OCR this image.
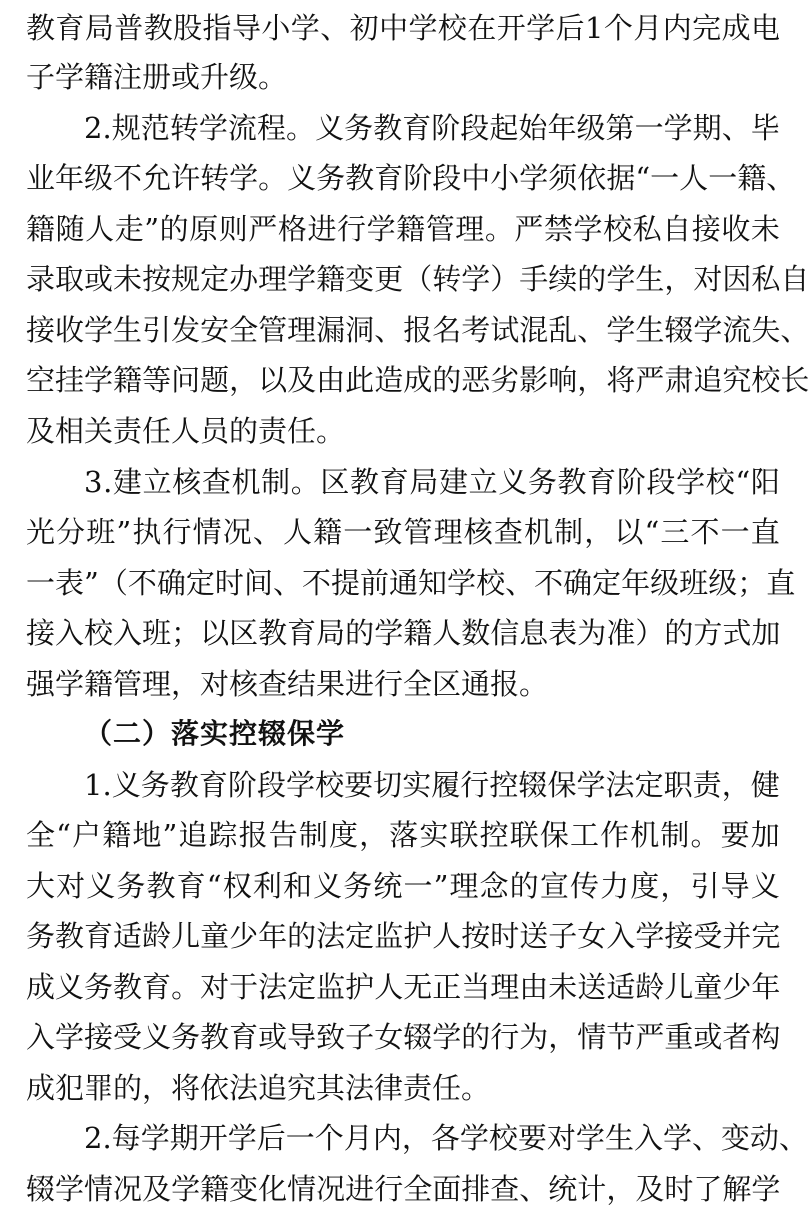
教 育 局 普 教 股 指 导 小 学 、 初 中 学 校 在 开 学 后 1 个 月 内 完 成 电
子学籍注册或升级。
2 . 规 范 转 学 流 程 。 义 务 教 育 阶 段 起 始 年 级 第 一 学 期 、 毕
业 年 级 不 允 许 转 学 。 义 务 教 育 阶 段 中 小 学 须 依 据 “ 一 人 一 籍 、
籍 随 人 走 ” 的 原 则 严 格 进 行 学 籍 管 理 。 严 禁 学 校 私 自 接 收 未
录 取 或 未 按 规 定 办 理 学 籍 变 更 （ 转 学 ） 手 续 的 学 生 ， 对 因 私 自
接 收 学 生 引 发 安 全 管 理 漏 洞 、 报 名 考 试 混 乱 、 学 生 辍 学 流 失 、
空 挂 学 籍 等 问 题 ， 以 及 由 此 造 成 的 恶 劣 影 响 ， 将 严 肃 追 究 校 长
及相关责任人员的责任。
3 . 建 立 核 查 机 制 。 区 教 育 局 建 立 义 务 教 育 阶 段 学 校 “ 阳
光 分 班 ” 执 行 情 况 、 人 籍 一 致 管 理 核 查 机 制 ， 以 “ 三 不 一 直
一 表 ” （ 不 确 定 时 间 、 不 提 前 通 知 学 校 、 不 确 定 年 级 班 级 ； 直
接 入 校 入 班 ； 以 区 教 育 局 的 学 籍 人 数 信 息 表 为 准 ） 的 方 式 加
强学籍管理，对核查结果进行全区通报。
（二）落实控辍保学
1 . 义 务 教 育 阶 段 学 校 要 切 实 履 行 控 辍 保 学 法 定 职 责 ， 健
全 “ 户 籍 地 ” 追 踪 报 告 制 度 ， 落 实 联 控 联 保 工 作 机 制 。 要 加
大 对 义 务 教 育 “ 权 利 和 义 务 统 一 ” 理 念 的 宣 传 力 度 ， 引 导 义
务 教 育 适 龄 儿 童 少 年 的 法 定 监 护 人 按 时 送 子 女 入 学 接 受 并 完
成 义 务 教 育 。 对 于 法 定 监 护 人 无 正 当 理 由 未 送 适 龄 儿 童 少 年
入 学 接 受 义 务 教 育 或 导 致 子 女 辍 学 的 行 为 ， 情 节 严 重 或 者 构
成犯罪的，将依法追究其法律责任。
2 . 每 学 期 开 学 后 一 个 月 内 ， 各 学 校 要 对 学 生 入 学 、 变 动 、
辍 学 情 况 及 学 籍 变 化 情 况 进 行 全 面 排 查 、 统 计 ， 及 时 了 解 学
